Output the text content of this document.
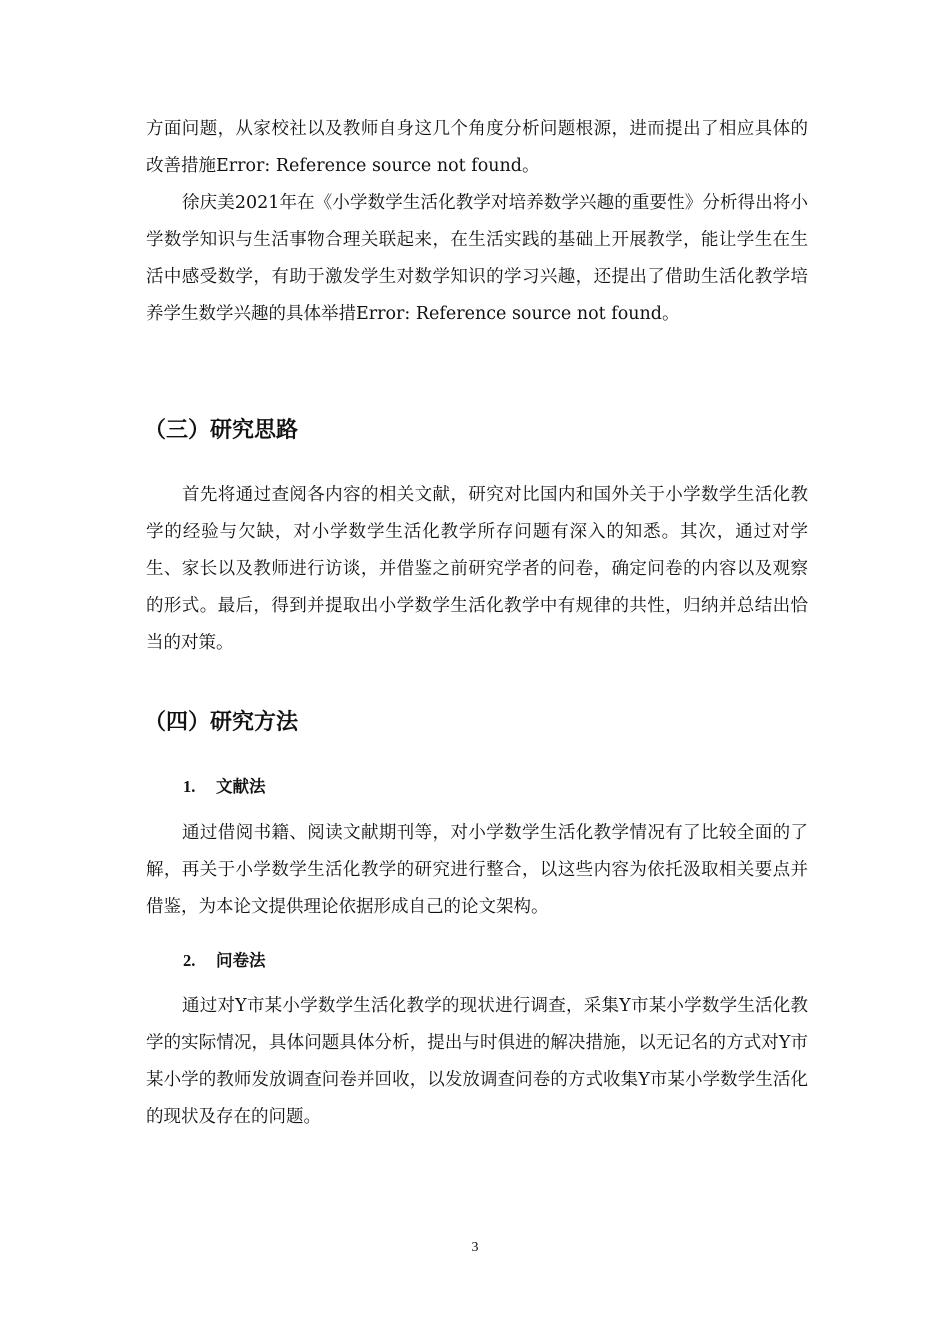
方面问题，从家校社以及教师自身这几个角度分析问题根源，进而提出了相应具体的改善措施Error: Reference source not found。

徐庆美2021年在《小学数学生活化教学对培养数学兴趣的重要性》分析得出将小学数学知识与生活事物合理关联起来，在生活实践的基础上开展教学，能让学生在生活中感受数学，有助于激发学生对数学知识的学习兴趣，还提出了借助生活化教学培养学生数学兴趣的具体举措Error: Reference source not found。

（三）研究思路

首先将通过查阅各内容的相关文献，研究对比国内和国外关于小学数学生活化教学的经验与欠缺，对小学数学生活化教学所存问题有深入的知悉。其次，通过对学生、家长以及教师进行访谈，并借鉴之前研究学者的问卷，确定问卷的内容以及观察的形式。最后，得到并提取出小学数学生活化教学中有规律的共性，归纳并总结出恰当的对策。

（四）研究方法
1. 文献法

通过借阅书籍、阅读文献期刊等，对小学数学生活化教学情况有了比较全面的了解，再关于小学数学生活化教学的研究进行整合，以这些内容为依托汲取相关要点并借鉴，为本论文提供理论依据形成自己的论文架构。

2. 问卷法

通过对Y市某小学数学生活化教学的现状进行调查，采集Y市某小学数学生活化教学的实际情况，具体问题具体分析，提出与时俱进的解决措施，以无记名的方式对Y市某小学的教师发放调查问卷并回收，以发放调查问卷的方式收集Y市某小学数学生活化的现状及存在的问题。

3
